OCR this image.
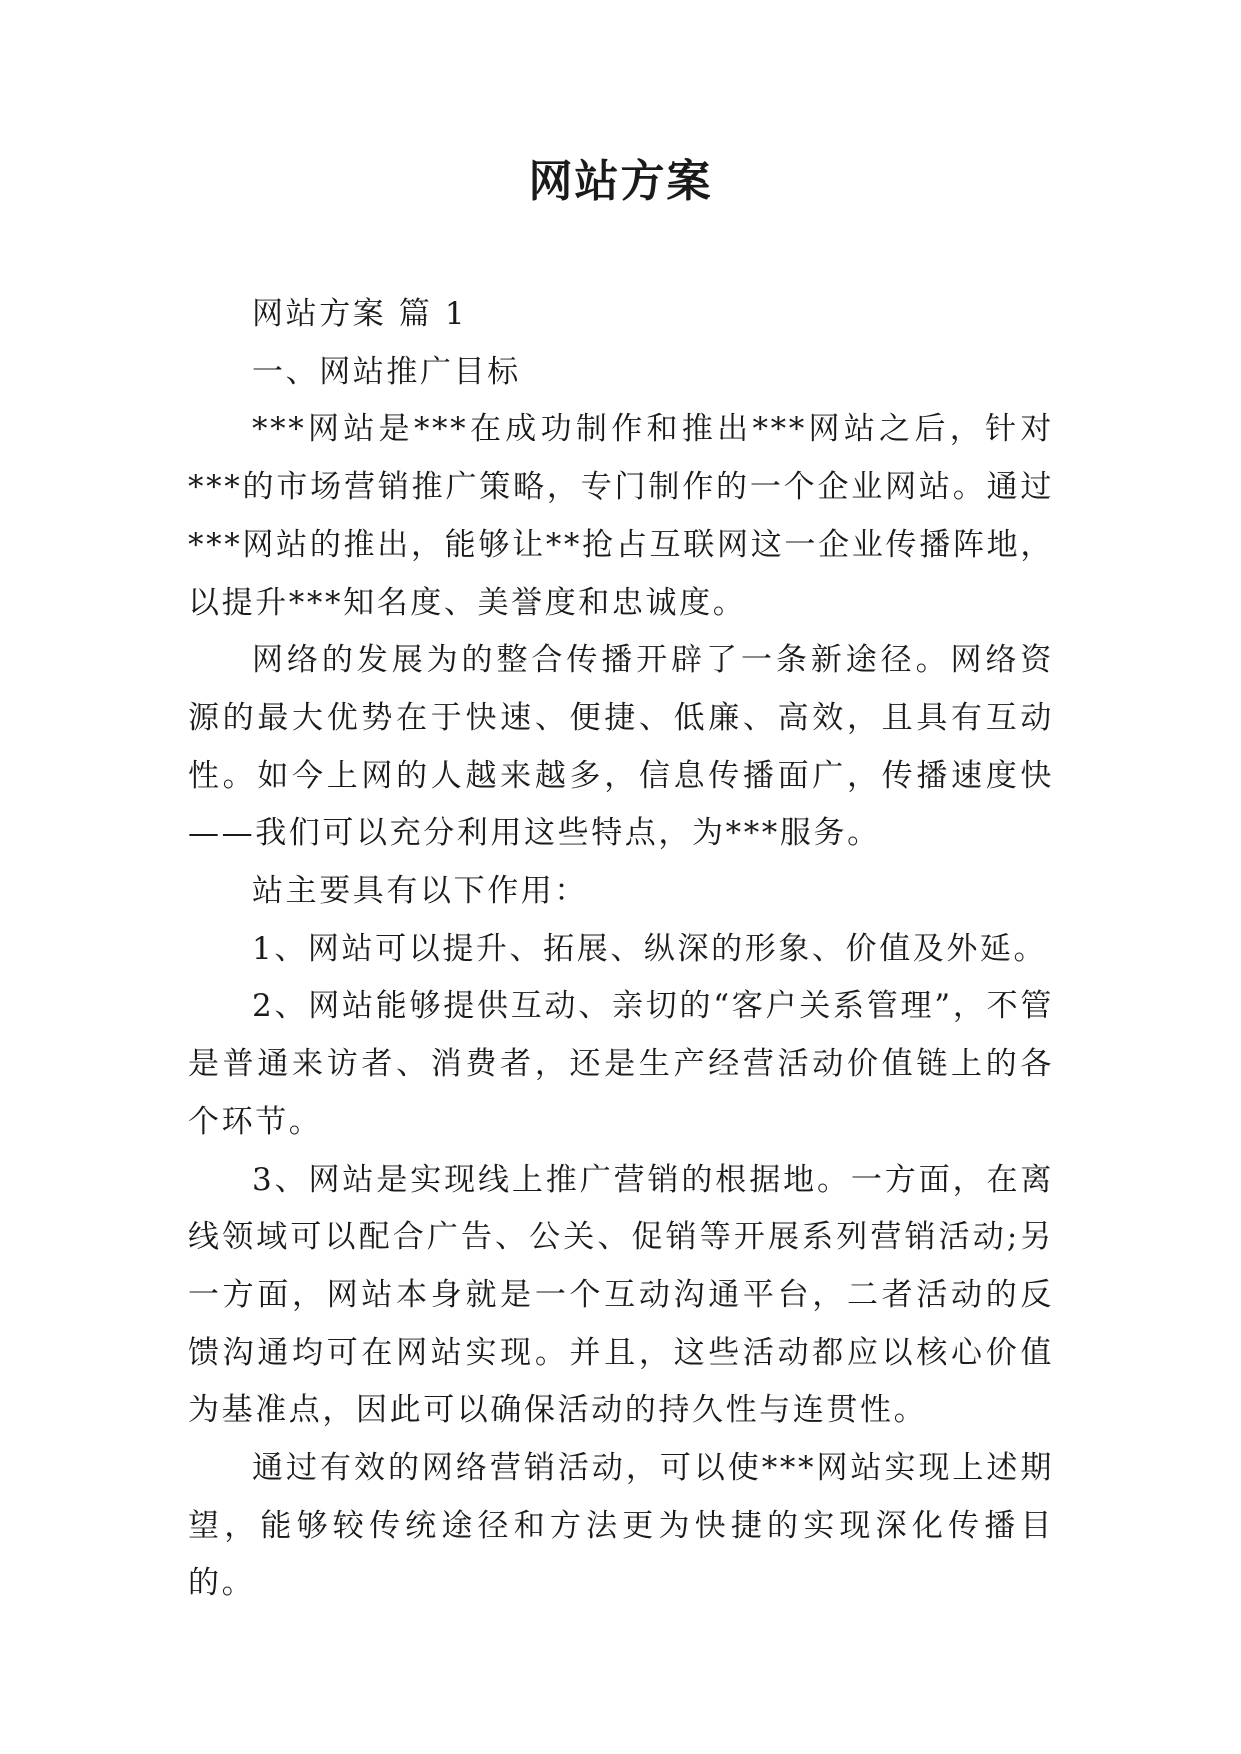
网站方案

网站方案 篇 1

一、网站推广目标

***网站是***在成功制作和推出***网站之后，针对***的市场营销推广策略，专门制作的一个企业网站。通过***网站的推出，能够让**抢占互联网这一企业传播阵地，以提升***知名度、美誉度和忠诚度。

网络的发展为的整合传播开辟了一条新途径。网络资源的最大优势在于快速、便捷、低廉、高效，且具有互动性。如今上网的人越来越多，信息传播面广，传播速度快——我们可以充分利用这些特点，为***服务。

站主要具有以下作用：

1、网站可以提升、拓展、纵深的形象、价值及外延。

2、网站能够提供互动、亲切的“客户关系管理”，不管是普通来访者、消费者，还是生产经营活动价值链上的各个环节。

3、网站是实现线上推广营销的根据地。一方面，在离线领域可以配合广告、公关、促销等开展系列营销活动;另一方面，网站本身就是一个互动沟通平台，二者活动的反馈沟通均可在网站实现。并且，这些活动都应以核心价值为基准点，因此可以确保活动的持久性与连贯性。

通过有效的网络营销活动，可以使***网站实现上述期望，能够较传统途径和方法更为快捷的实现深化传播目的。
